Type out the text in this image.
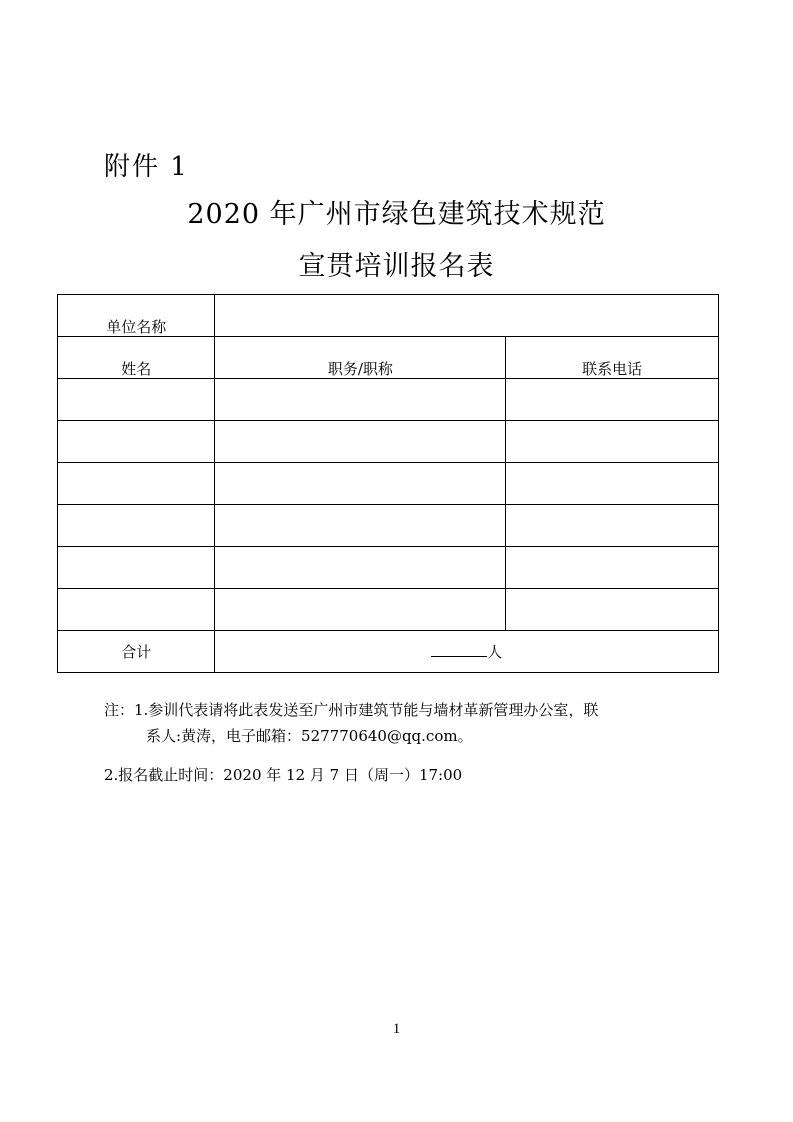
附件 1
2020 年广州市绿色建筑技术规范
宣贯培训报名表
单位名称		
姓名	职务/职称	联系电话

合计	人	
注：1.参训代表请将此表发送至广州市建筑节能与墙材革新管理办公室，联
系人:黄涛，电子邮箱：527770640@qq.com。
2.报名截止时间：2020 年 12 月 7 日（周一）17:00
1
